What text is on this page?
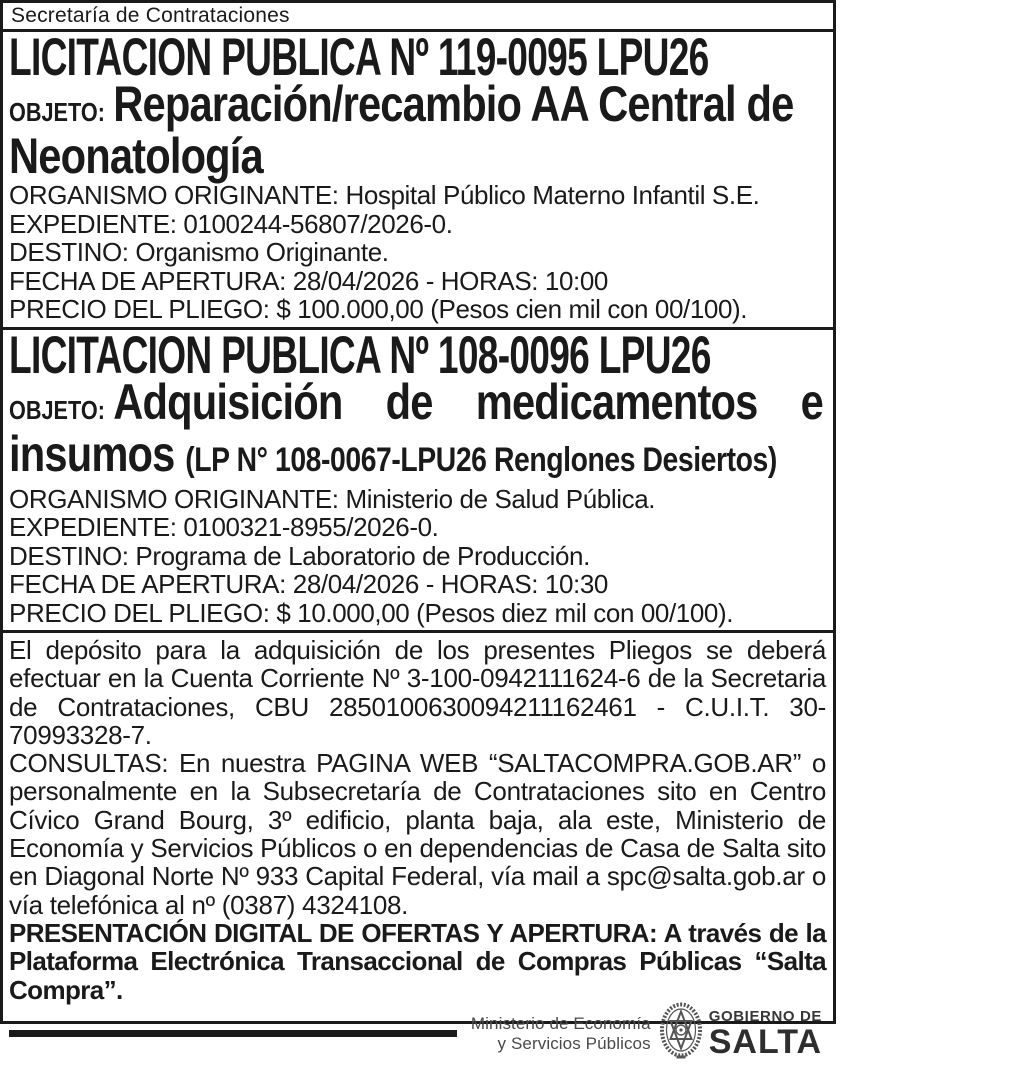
Secretaría de Contrataciones
LICITACION PUBLICA Nº 119-0095 LPU26
OBJETO: Reparación/recambio AA Central de Neonatología
ORGANISMO ORIGINANTE: Hospital Público Materno Infantil S.E.
EXPEDIENTE: 0100244-56807/2026-0.
DESTINO: Organismo Originante.
FECHA DE APERTURA: 28/04/2026 - HORAS: 10:00
PRECIO DEL PLIEGO: $ 100.000,00 (Pesos cien mil con 00/100).
LICITACION PUBLICA Nº 108-0096 LPU26
OBJETO: Adquisición de medicamentos e insumos (LP N° 108-0067-LPU26 Renglones Desiertos)
ORGANISMO ORIGINANTE: Ministerio de Salud Pública.
EXPEDIENTE: 0100321-8955/2026-0.
DESTINO: Programa de Laboratorio de Producción.
FECHA DE APERTURA: 28/04/2026 - HORAS: 10:30
PRECIO DEL PLIEGO: $ 10.000,00 (Pesos diez mil con 00/100).

El depósito para la adquisición de los presentes Pliegos se deberá efectuar en la Cuenta Corriente Nº 3-100-0942111624-6 de la Secretaria de Contrataciones, CBU 2850100630094211162461 - C.U.I.T. 30-70993328-7.

CONSULTAS: En nuestra PAGINA WEB “SALTACOMPRA.GOB.AR” o personalmente en la Subsecretaría de Contrataciones sito en Centro Cívico Grand Bourg, 3º edificio, planta baja, ala este, Ministerio de Economía y Servicios Públicos o en dependencias de Casa de Salta sito en Diagonal Norte Nº 933 Capital Federal, vía mail a spc@salta.gob.ar o vía telefónica al nº (0387) 4324108.

PRESENTACIÓN DIGITAL DE OFERTAS Y APERTURA: A través de la Plataforma Electrónica Transaccional de Compras Públicas “Salta Compra”.

Ministerio de Economía
y Servicios Públicos
GOBIERNO DE
SALTA
